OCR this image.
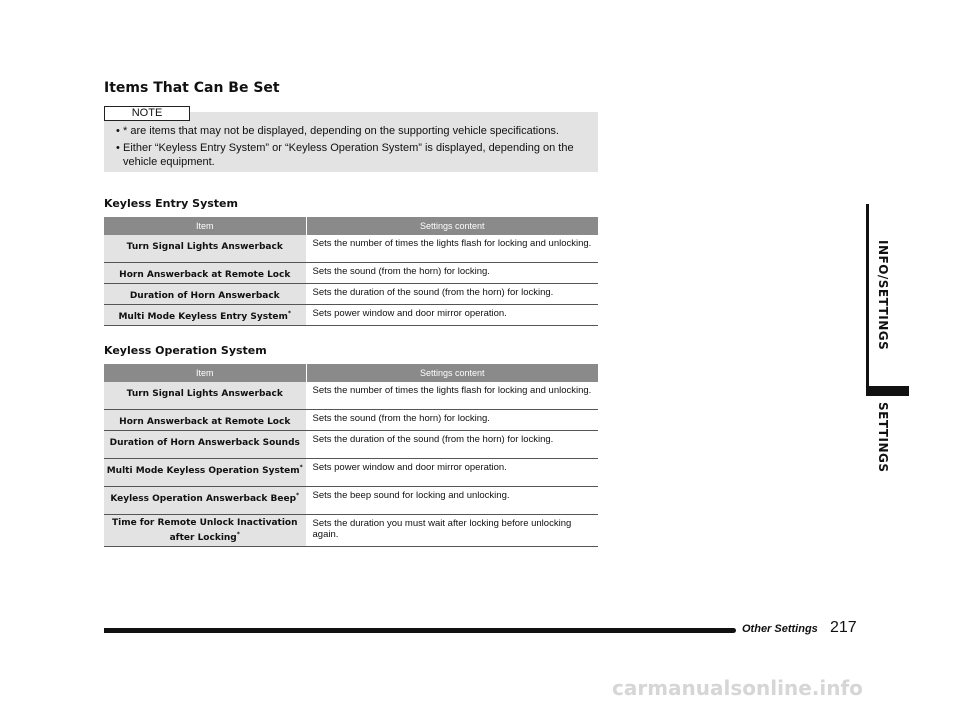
Items That Can Be Set
• * are items that may not be displayed, depending on the supporting vehicle specifications.
• Either “Keyless Entry System” or “Keyless Operation System” is displayed, depending on the vehicle equipment.
NOTE
Keyless Entry System
Item	Settings content
Turn Signal Lights Answerback	Sets the number of times the lights flash for locking and unlocking.
Horn Answerback at Remote Lock	Sets the sound (from the horn) for locking.
Duration of Horn Answerback	Sets the duration of the sound (from the horn) for locking.
Multi Mode Keyless Entry System*	Sets power window and door mirror operation.
Keyless Operation System
Item	Settings content
Turn Signal Lights Answerback	Sets the number of times the lights flash for locking and unlocking.
Horn Answerback at Remote Lock	Sets the sound (from the horn) for locking.
Duration of Horn Answerback Sounds	Sets the duration of the sound (from the horn) for locking.
Multi Mode Keyless Operation System*	Sets power window and door mirror operation.
Keyless Operation Answerback Beep*	Sets the beep sound for locking and unlocking.
Time for Remote Unlock Inactivation after Locking*	Sets the duration you must wait after locking before unlocking again.
INFO/SETTINGS
SETTINGS
Other Settings 217
carmanualsonline.info
